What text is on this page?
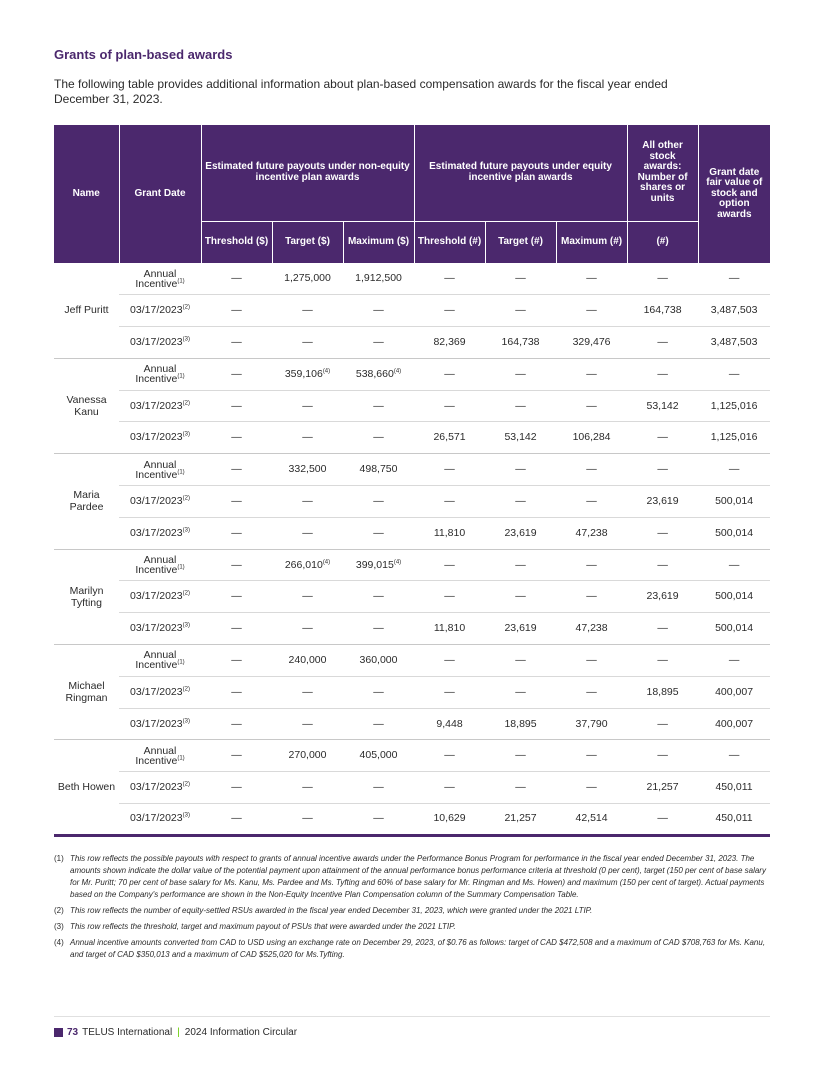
Grants of plan-based awards
The following table provides additional information about plan-based compensation awards for the fiscal year ended December 31, 2023.
Name	Grant Date	Estimated future payouts under non-equity incentive plan awards			Estimated future payouts under equity incentive plan awards			All other stock awards: Number of shares or units	Grant date fair value of stock and option awards
		Threshold ($)	Target ($)	Maximum ($)	Threshold (#)	Target (#)	Maximum (#)	(#)	
Jeff Puritt	Annual Incentive$^{(1)}$	—	1,275,000	1,912,500	—	—	—	—	—
	03/17/2023$^{(2)}$	—	—	—	—	—	—	164,738	3,487,503
	03/17/2023$^{(3)}$	—	—	—	82,369	164,738	329,476	—	3,487,503
Vanessa Kanu	Annual Incentive$^{(1)}$	—	359,106$^{(4)}$	538,660$^{(4)}$	—	—	—	—	—
	03/17/2023$^{(2)}$	—	—	—	—	—	—	53,142	1,125,016
	03/17/2023$^{(3)}$	—	—	—	26,571	53,142	106,284	—	1,125,016
Maria Pardee	Annual Incentive$^{(1)}$	—	332,500	498,750	—	—	—	—	—
	03/17/2023$^{(2)}$	—	—	—	—	—	—	23,619	500,014
	03/17/2023$^{(3)}$	—	—	—	11,810	23,619	47,238	—	500,014
Marilyn Tyfting	Annual Incentive$^{(1)}$	—	266,010$^{(4)}$	399,015$^{(4)}$	—	—	—	—	—
	03/17/2023$^{(2)}$	—	—	—	—	—	—	23,619	500,014
	03/17/2023$^{(3)}$	—	—	—	11,810	23,619	47,238	—	500,014
Michael Ringman	Annual Incentive$^{(1)}$	—	240,000	360,000	—	—	—	—	—
	03/17/2023$^{(2)}$	—	—	—	—	—	—	18,895	400,007
	03/17/2023$^{(3)}$	—	—	—	9,448	18,895	37,790	—	400,007
Beth Howen	Annual Incentive$^{(1)}$	—	270,000	405,000	—	—	—	—	—
	03/17/2023$^{(2)}$	—	—	—	—	—	—	21,257	450,011
	03/17/2023$^{(3)}$	—	—	—	10,629	21,257	42,514	—	450,011
(1) This row reflects the possible payouts with respect to grants of annual incentive awards under the Performance Bonus Program for performance in the fiscal year ended December 31, 2023. The amounts shown indicate the dollar value of the potential payment upon attainment of the annual performance bonus performance criteria at threshold (0 per cent), target (150 per cent of base salary for Mr. Puritt; 70 per cent of base salary for Ms. Kanu, Ms. Pardee and Ms. Tyfting and 60% of base salary for Mr. Ringman and Ms. Howen) and maximum (150 per cent of target). Actual payments based on the Company's performance are shown in the Non-Equity Incentive Plan Compensation column of the Summary Compensation Table.
(2) This row reflects the number of equity-settled RSUs awarded in the fiscal year ended December 31, 2023, which were granted under the 2021 LTIP.
(3) This row reflects the threshold, target and maximum payout of PSUs that were awarded under the 2021 LTIP.
(4) Annual incentive amounts converted from CAD to USD using an exchange rate on December 29, 2023, of $0.76 as follows: target of CAD $472,508 and a maximum of CAD $708,763 for Ms. Kanu, and target of CAD $350,013 and a maximum of CAD $525,020 for Ms.Tyfting.
73 TELUS International | 2024 Information Circular
